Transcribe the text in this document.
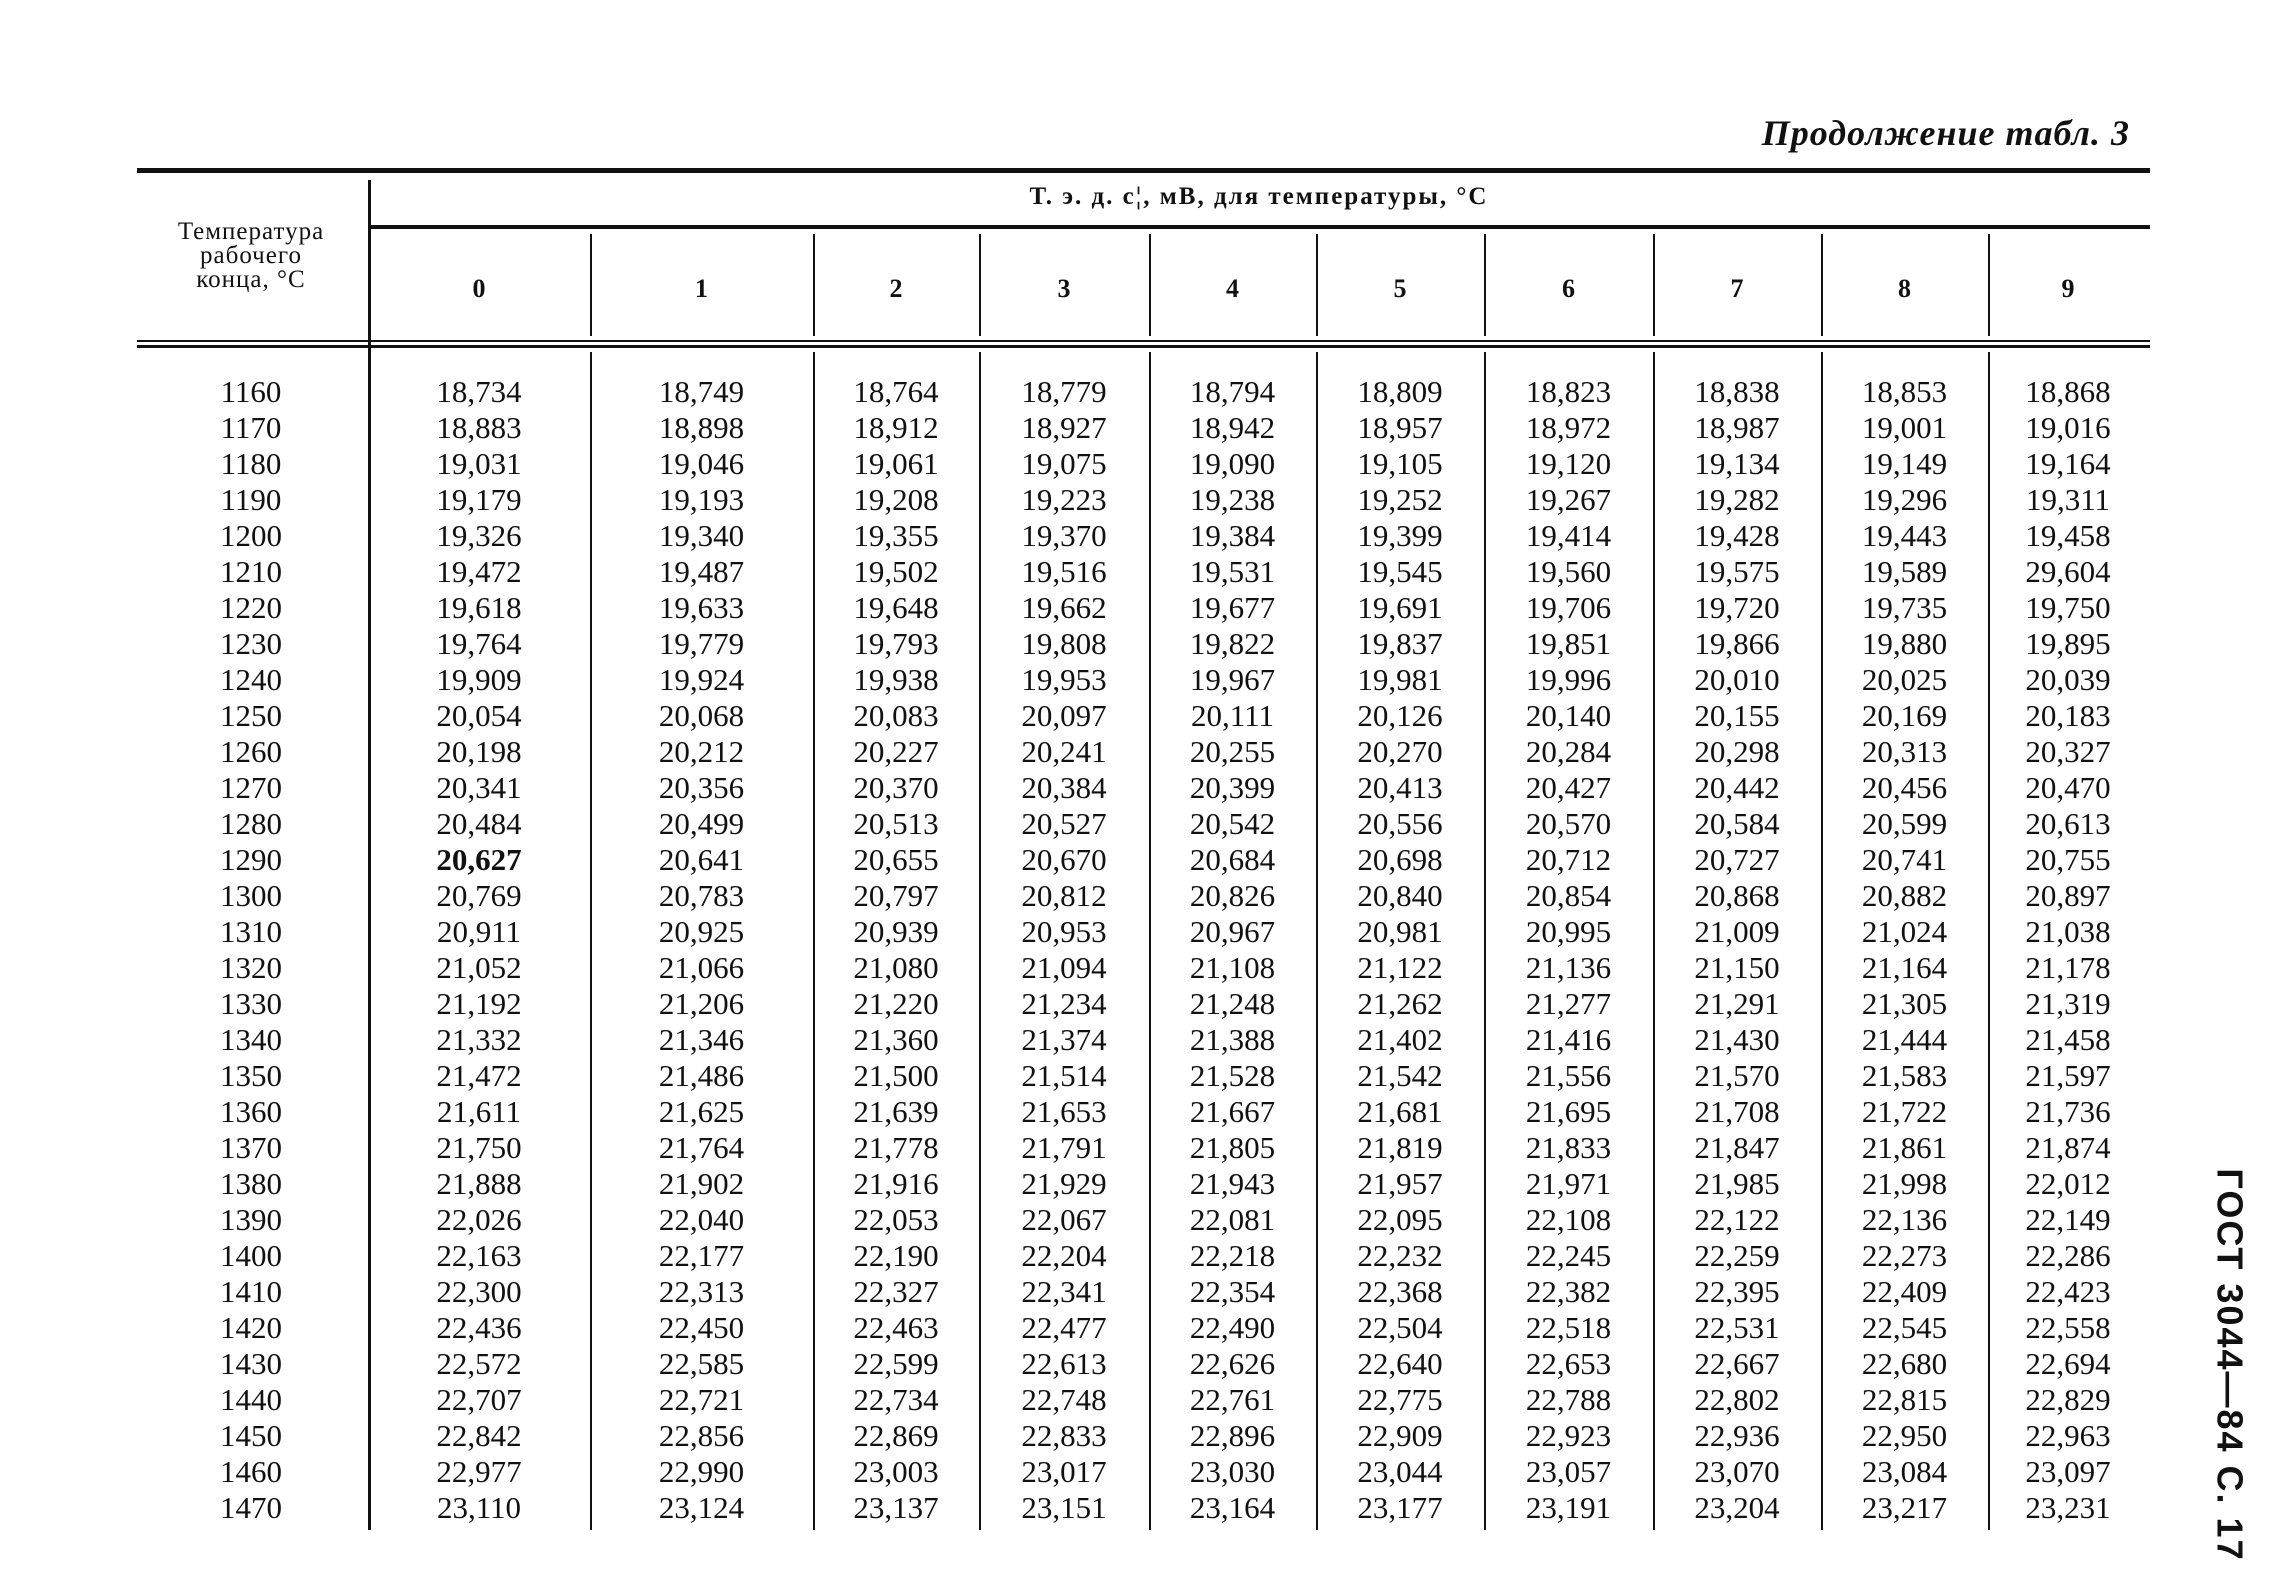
Продолжение табл. 3
Температура
рабочего
конца, °C
Т. э. д. с¦, мВ, для температуры, °C
0	1	2	3	4	5	6	7	8	9
1160	18,734	18,749	18,764	18,779	18,794	18,809	18,823	18,838	18,853	18,868
1170	18,883	18,898	18,912	18,927	18,942	18,957	18,972	18,987	19,001	19,016
1180	19,031	19,046	19,061	19,075	19,090	19,105	19,120	19,134	19,149	19,164
1190	19,179	19,193	19,208	19,223	19,238	19,252	19,267	19,282	19,296	19,311
1200	19,326	19,340	19,355	19,370	19,384	19,399	19,414	19,428	19,443	19,458
1210	19,472	19,487	19,502	19,516	19,531	19,545	19,560	19,575	19,589	29,604
1220	19,618	19,633	19,648	19,662	19,677	19,691	19,706	19,720	19,735	19,750
1230	19,764	19,779	19,793	19,808	19,822	19,837	19,851	19,866	19,880	19,895
1240	19,909	19,924	19,938	19,953	19,967	19,981	19,996	20,010	20,025	20,039
1250	20,054	20,068	20,083	20,097	20,111	20,126	20,140	20,155	20,169	20,183
1260	20,198	20,212	20,227	20,241	20,255	20,270	20,284	20,298	20,313	20,327
1270	20,341	20,356	20,370	20,384	20,399	20,413	20,427	20,442	20,456	20,470
1280	20,484	20,499	20,513	20,527	20,542	20,556	20,570	20,584	20,599	20,613
1290	20,627	20,641	20,655	20,670	20,684	20,698	20,712	20,727	20,741	20,755
1300	20,769	20,783	20,797	20,812	20,826	20,840	20,854	20,868	20,882	20,897
1310	20,911	20,925	20,939	20,953	20,967	20,981	20,995	21,009	21,024	21,038
1320	21,052	21,066	21,080	21,094	21,108	21,122	21,136	21,150	21,164	21,178
1330	21,192	21,206	21,220	21,234	21,248	21,262	21,277	21,291	21,305	21,319
1340	21,332	21,346	21,360	21,374	21,388	21,402	21,416	21,430	21,444	21,458
1350	21,472	21,486	21,500	21,514	21,528	21,542	21,556	21,570	21,583	21,597
1360	21,611	21,625	21,639	21,653	21,667	21,681	21,695	21,708	21,722	21,736
1370	21,750	21,764	21,778	21,791	21,805	21,819	21,833	21,847	21,861	21,874
1380	21,888	21,902	21,916	21,929	21,943	21,957	21,971	21,985	21,998	22,012
1390	22,026	22,040	22,053	22,067	22,081	22,095	22,108	22,122	22,136	22,149
1400	22,163	22,177	22,190	22,204	22,218	22,232	22,245	22,259	22,273	22,286
1410	22,300	22,313	22,327	22,341	22,354	22,368	22,382	22,395	22,409	22,423
1420	22,436	22,450	22,463	22,477	22,490	22,504	22,518	22,531	22,545	22,558
1430	22,572	22,585	22,599	22,613	22,626	22,640	22,653	22,667	22,680	22,694
1440	22,707	22,721	22,734	22,748	22,761	22,775	22,788	22,802	22,815	22,829
1450	22,842	22,856	22,869	22,833	22,896	22,909	22,923	22,936	22,950	22,963
1460	22,977	22,990	23,003	23,017	23,030	23,044	23,057	23,070	23,084	23,097
1470	23,110	23,124	23,137	23,151	23,164	23,177	23,191	23,204	23,217	23,231	ГОСТ 3044—84 С. 17
